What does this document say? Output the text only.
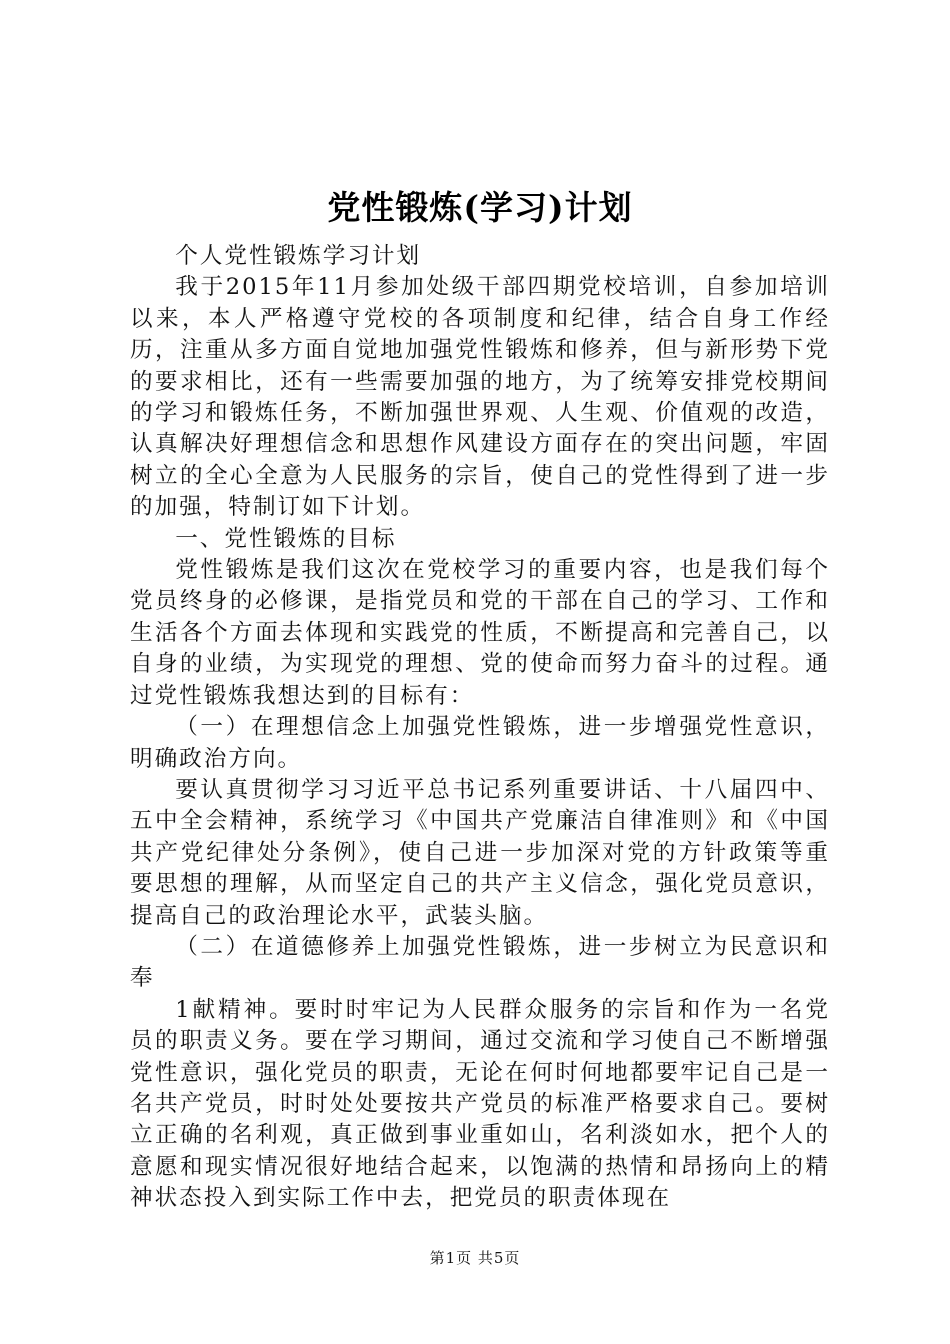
党性锻炼(学习)计划

个人党性锻炼学习计划

我于2015年11月参加处级干部四期党校培训，自参加培训以来，本人严格遵守党校的各项制度和纪律，结合自身工作经历，注重从多方面自觉地加强党性锻炼和修养，但与新形势下党的要求相比，还有一些需要加强的地方，为了统筹安排党校期间的学习和锻炼任务，不断加强世界观、人生观、价值观的改造，认真解决好理想信念和思想作风建设方面存在的突出问题，牢固树立的全心全意为人民服务的宗旨，使自己的党性得到了进一步的加强，特制订如下计划。

一、党性锻炼的目标

党性锻炼是我们这次在党校学习的重要内容，也是我们每个党员终身的必修课，是指党员和党的干部在自己的学习、工作和生活各个方面去体现和实践党的性质，不断提高和完善自己，以自身的业绩，为实现党的理想、党的使命而努力奋斗的过程。通过党性锻炼我想达到的目标有：

（一）在理想信念上加强党性锻炼，进一步增强党性意识，明确政治方向。

要认真贯彻学习习近平总书记系列重要讲话、十八届四中、五中全会精神，系统学习《中国共产党廉洁自律准则》和《中国共产党纪律处分条例》，使自己进一步加深对党的方针政策等重要思想的理解，从而坚定自己的共产主义信念，强化党员意识，提高自己的政治理论水平，武装头脑。

（二）在道德修养上加强党性锻炼，进一步树立为民意识和奉

1献精神。要时时牢记为人民群众服务的宗旨和作为一名党员的职责义务。要在学习期间，通过交流和学习使自己不断增强党性意识，强化党员的职责，无论在何时何地都要牢记自己是一名共产党员，时时处处要按共产党员的标准严格要求自己。要树立正确的名利观，真正做到事业重如山，名利淡如水，把个人的意愿和现实情况很好地结合起来，以饱满的热情和昂扬向上的精神状态投入到实际工作中去，把党员的职责体现在

第1页 共5页
